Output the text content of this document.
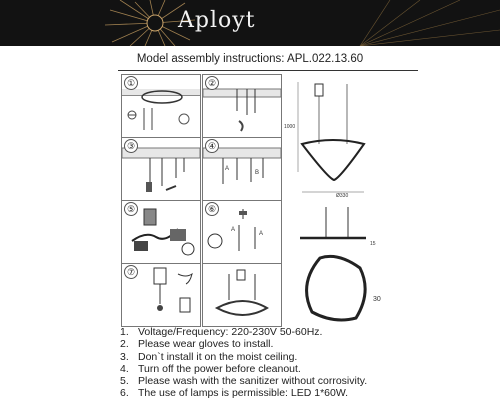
Aployt
Model assembly instructions: APL.022.13.60
①	②
③
A
B
④
⑤
A
A
⑥
⑦
1000
Ø330
15
30
1. Voltage/Frequency: 220-230V 50-60Hz.
2. Please wear gloves to install.
3. Don`t install it on the moist ceiling.
4. Turn off the power before cleanout.
5. Please wash with the sanitizer without corrosivity.
6. The use of lamps is permissible: LED 1*60W.
